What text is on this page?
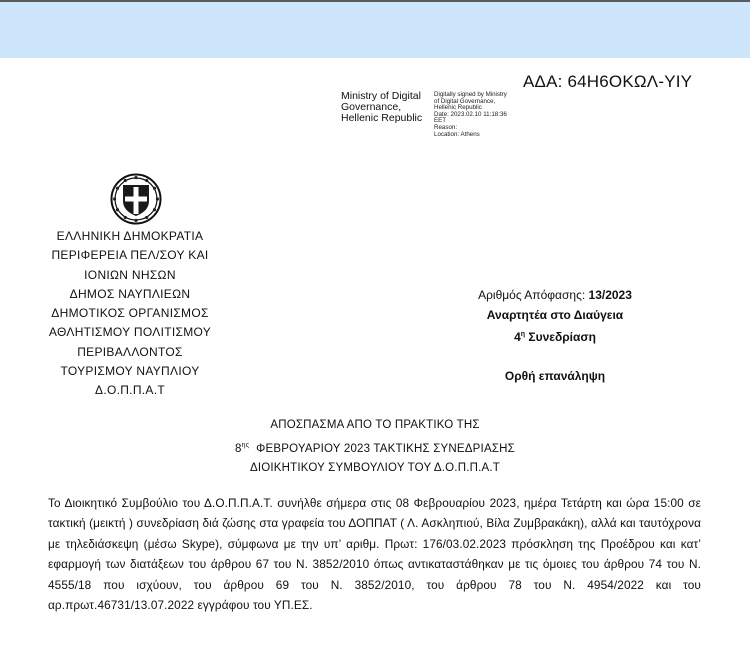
ΑΔΑ: 64Η6ΟΚΩΛ-ΥΙΥ
Ministry of Digital
Governance,
Hellenic Republic
Digitally signed by Ministry
of Digital Governance,
Hellenic Republic
Date: 2023.02.10 11:18:36
EET
Reason:
Location: Athens
ΕΛΛΗΝΙΚΗ ΔΗΜΟΚΡΑΤΙΑ
ΠΕΡΙΦΕΡΕΙΑ ΠΕΛ/ΣΟΥ ΚΑΙ
ΙΟΝΙΩΝ ΝΗΣΩΝ
ΔΗΜΟΣ ΝΑΥΠΛΙΕΩΝ
ΔΗΜΟΤΙΚΟΣ ΟΡΓΑΝΙΣΜΟΣ
ΑΘΛΗΤΙΣΜΟΥ ΠΟΛΙΤΙΣΜΟΥ
ΠΕΡΙΒΑΛΛΟΝΤΟΣ
ΤΟΥΡΙΣΜΟΥ ΝΑΥΠΛΙΟΥ
Δ.Ο.Π.Π.Α.Τ
Αριθμός Απόφασης: 13/2023
Αναρτητέα στο Διαύγεια
$4^\eta$ Συνεδρίαση
Ορθή επανάληψη
ΑΠΟΣΠΑΣΜΑ ΑΠΟ ΤΟ ΠΡΑΚΤΙΚΟ ΤΗΣ
$8^{\eta\varsigma}$  ΦΕΒΡΟΥΑΡΙΟΥ 2023 ΤΑΚΤΙΚΗΣ ΣΥΝΕΔΡΙΑΣΗΣ
ΔΙΟΙΚΗΤΙΚΟΥ ΣΥΜΒΟΥΛΙΟΥ ΤΟΥ Δ.Ο.Π.Π.Α.Τ
Το Διοικητικό Συμβούλιο του Δ.Ο.Π.Π.Α.Τ. συνήλθε σήμερα στις 08 Φεβρουαρίου 2023, ημέρα Τετάρτη και ώρα 15:00 σε τακτική (μεικτή ) συνεδρίαση διά ζώσης στα γραφεία του ΔΟΠΠΑΤ ( Λ. Ασκληπιού, Βίλα Ζυμβρακάκη), αλλά και ταυτόχρονα με τηλεδιάσκεψη (μέσω Skype), σύμφωνα με την υπ’ αριθμ. Πρωτ: 176/03.02.2023 πρόσκληση της Προέδρου και κατ’ εφαρμογή των διατάξεων του άρθρου 67 του Ν. 3852/2010 όπως αντικαταστάθηκαν με τις όμοιες του άρθρου 74 του Ν. 4555/18 που ισχύουν, του άρθρου 69 του Ν. 3852/2010, του άρθρου 78 του Ν. 4954/2022 και του αρ.πρωτ.46731/13.07.2022 εγγράφου του ΥΠ.ΕΣ.
